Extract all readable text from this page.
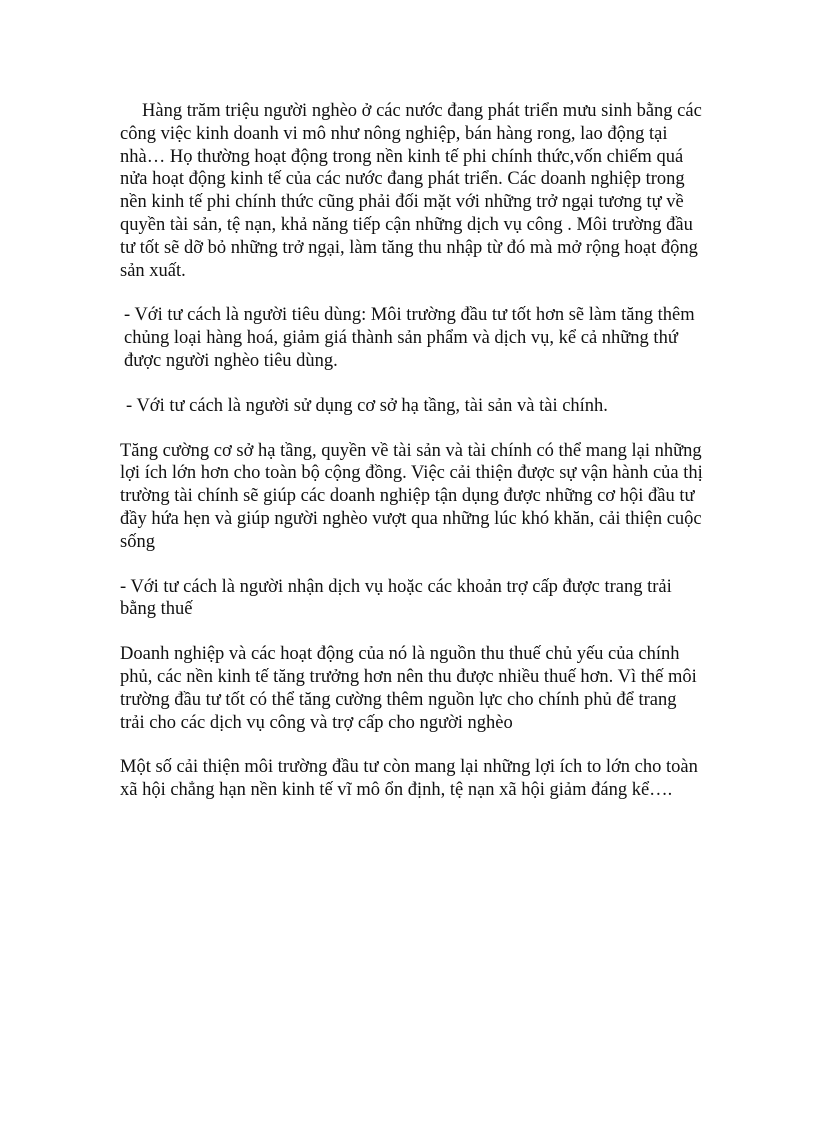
Hàng trăm triệu người nghèo ở các nước đang phát triển mưu sinh bằng các công việc kinh doanh vi mô như nông nghiệp, bán hàng rong, lao động tại nhà… Họ thường hoạt động trong nền kinh tế phi chính thức,vốn chiếm quá nửa hoạt động kinh tế của các nước đang phát triển. Các doanh nghiệp trong nền kinh tế phi chính thức cũng phải đối mặt với những trở ngại tương tự về quyền tài sản, tệ nạn, khả năng tiếp cận những dịch vụ công . Môi trường đầu tư tốt sẽ dỡ bỏ những trở ngại, làm tăng thu nhập từ đó mà mở rộng hoạt động sản xuất.

- Với tư cách là người tiêu dùng: Môi trường đầu tư tốt hơn sẽ làm tăng thêm chủng loại hàng hoá, giảm giá thành sản phẩm và dịch vụ, kể cả những thứ được người nghèo tiêu dùng.

- Với tư cách là người sử dụng cơ sở hạ tầng, tài sản và tài chính.

Tăng cường cơ sở hạ tầng, quyền về tài sản và tài chính có thể mang lại những lợi ích lớn hơn cho toàn bộ cộng đồng. Việc cải thiện được sự vận hành của thị trường tài chính sẽ giúp các doanh nghiệp tận dụng được những cơ hội đầu tư đầy hứa hẹn và giúp người nghèo vượt qua những lúc khó khăn, cải thiện cuộc sống

- Với tư cách là người nhận dịch vụ hoặc các khoản trợ cấp được trang trải bằng thuế

Doanh nghiệp và các hoạt động của nó là nguồn thu thuế chủ yếu của chính phủ, các nền kinh tế tăng trưởng hơn nên thu được nhiều thuế hơn. Vì thế môi trường đầu tư tốt có thể tăng cường thêm nguồn lực cho chính phủ để trang trải cho các dịch vụ công và trợ cấp cho người nghèo

Một số cải thiện môi trường đầu tư còn mang lại những lợi ích to lớn cho toàn xã hội chẳng hạn nền kinh tế vĩ mô ổn định, tệ nạn xã hội giảm đáng kể….
